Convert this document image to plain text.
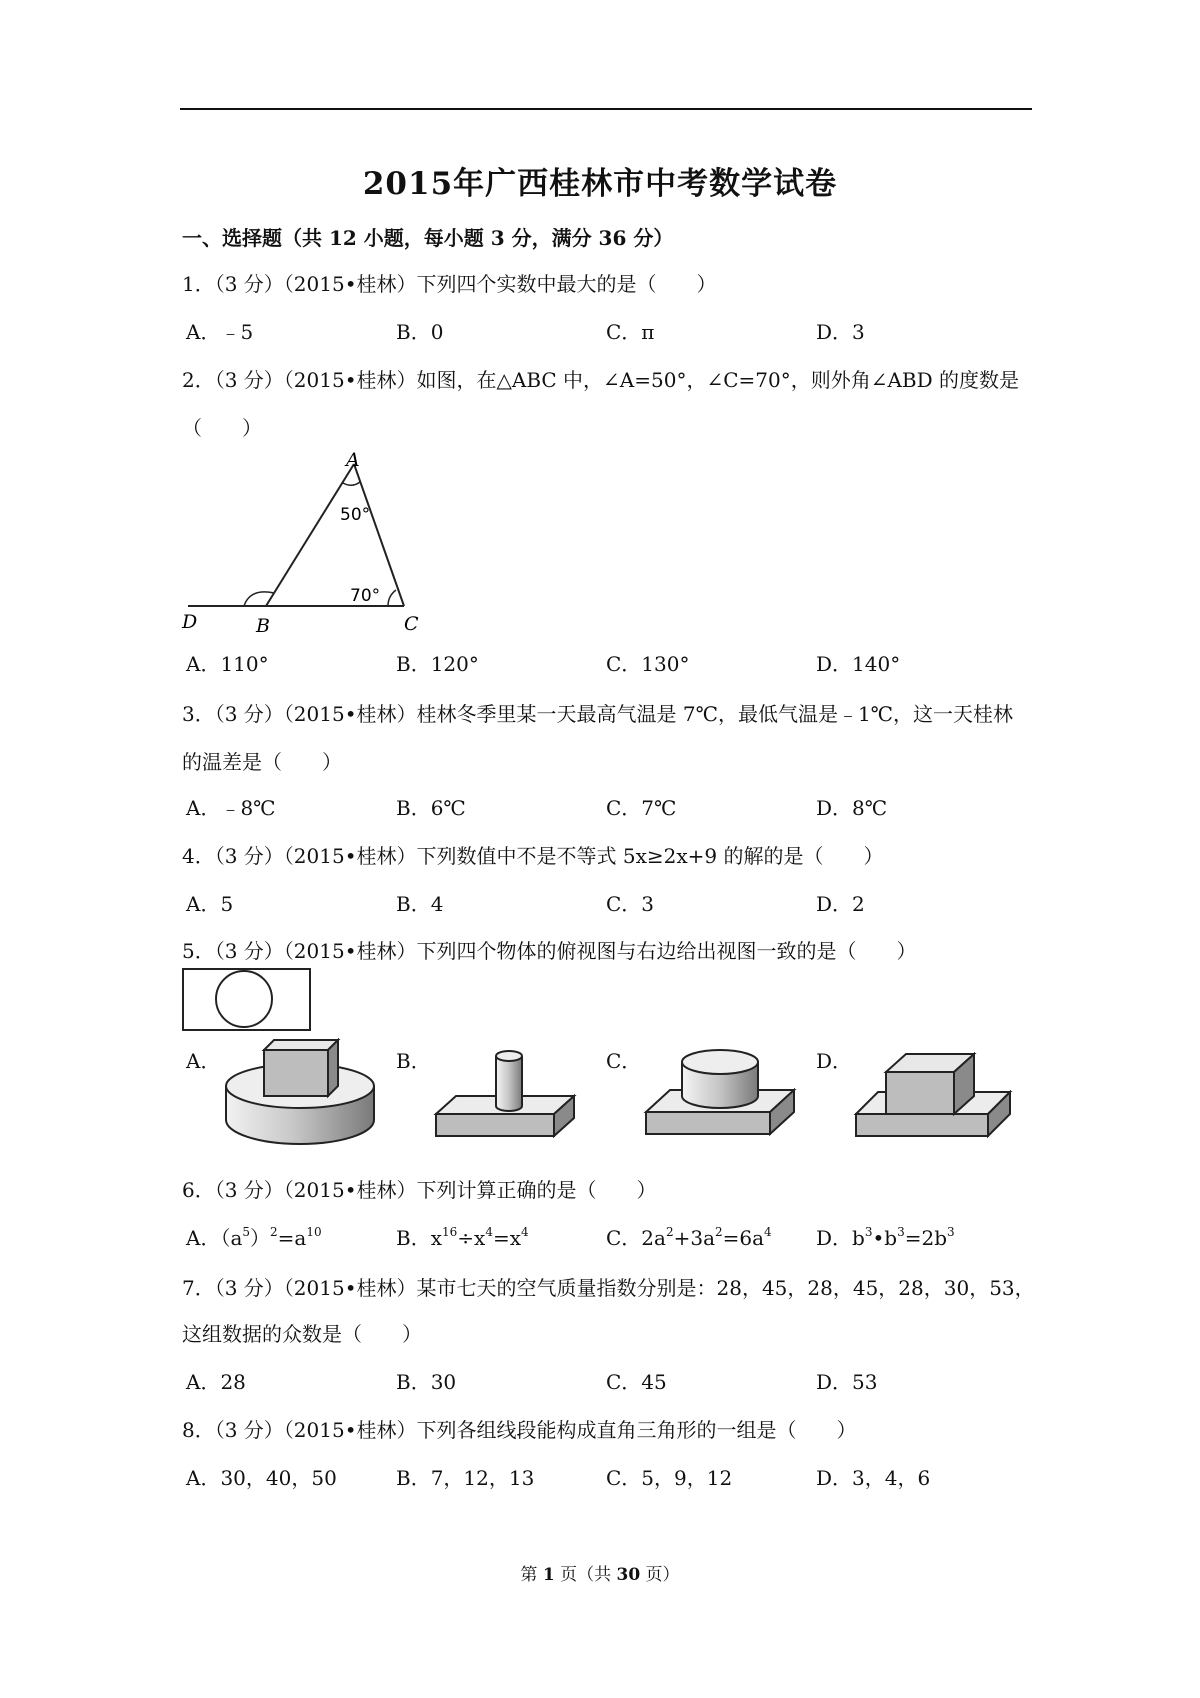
2015年广西桂林市中考数学试卷
一、选择题（共 12 小题，每小题 3 分，满分 36 分）
1．（3 分）（2015•桂林）下列四个实数中最大的是（　　）
A．﹣5	B．0	C．π	D．3
2．（3 分）（2015•桂林）如图，在△ABC 中，∠A=50°，∠C=70°，则外角∠ABD 的度数是
（　　）
A
50°
70°
D	B	C
A．110°	B．120°	C．130°	D．140°
3．（3 分）（2015•桂林）桂林冬季里某一天最高气温是 7℃，最低气温是﹣1℃，这一天桂林
的温差是（　　）
A．﹣8℃	B．6℃	C．7℃	D．8℃
4．（3 分）（2015•桂林）下列数值中不是不等式 5x≥2x+9 的解的是（　　）
A．5	B．4	C．3	D．2
5．（3 分）（2015•桂林）下列四个物体的俯视图与右边给出视图一致的是（　　）
A．	B．	C．	D．
6．（3 分）（2015•桂林）下列计算正确的是（　　）
A．$(a^5)^2=a^{10}$	B．$x^{16}\div x^4=x^4$	C．$2a^2+3a^2=6a^4$ D．$b^3•b^3=2b^3$
7．（3 分）（2015•桂林）某市七天的空气质量指数分别是：28，45，28，45，28，30，53，
这组数据的众数是（　　）
A．28	B．30	C．45	D．53
8．（3 分）（2015•桂林）下列各组线段能构成直角三角形的一组是（　　）
A．30，40，50	B．7，12，13	C．5，9，12	D．3，4，6
第 1 页（共 30 页）
